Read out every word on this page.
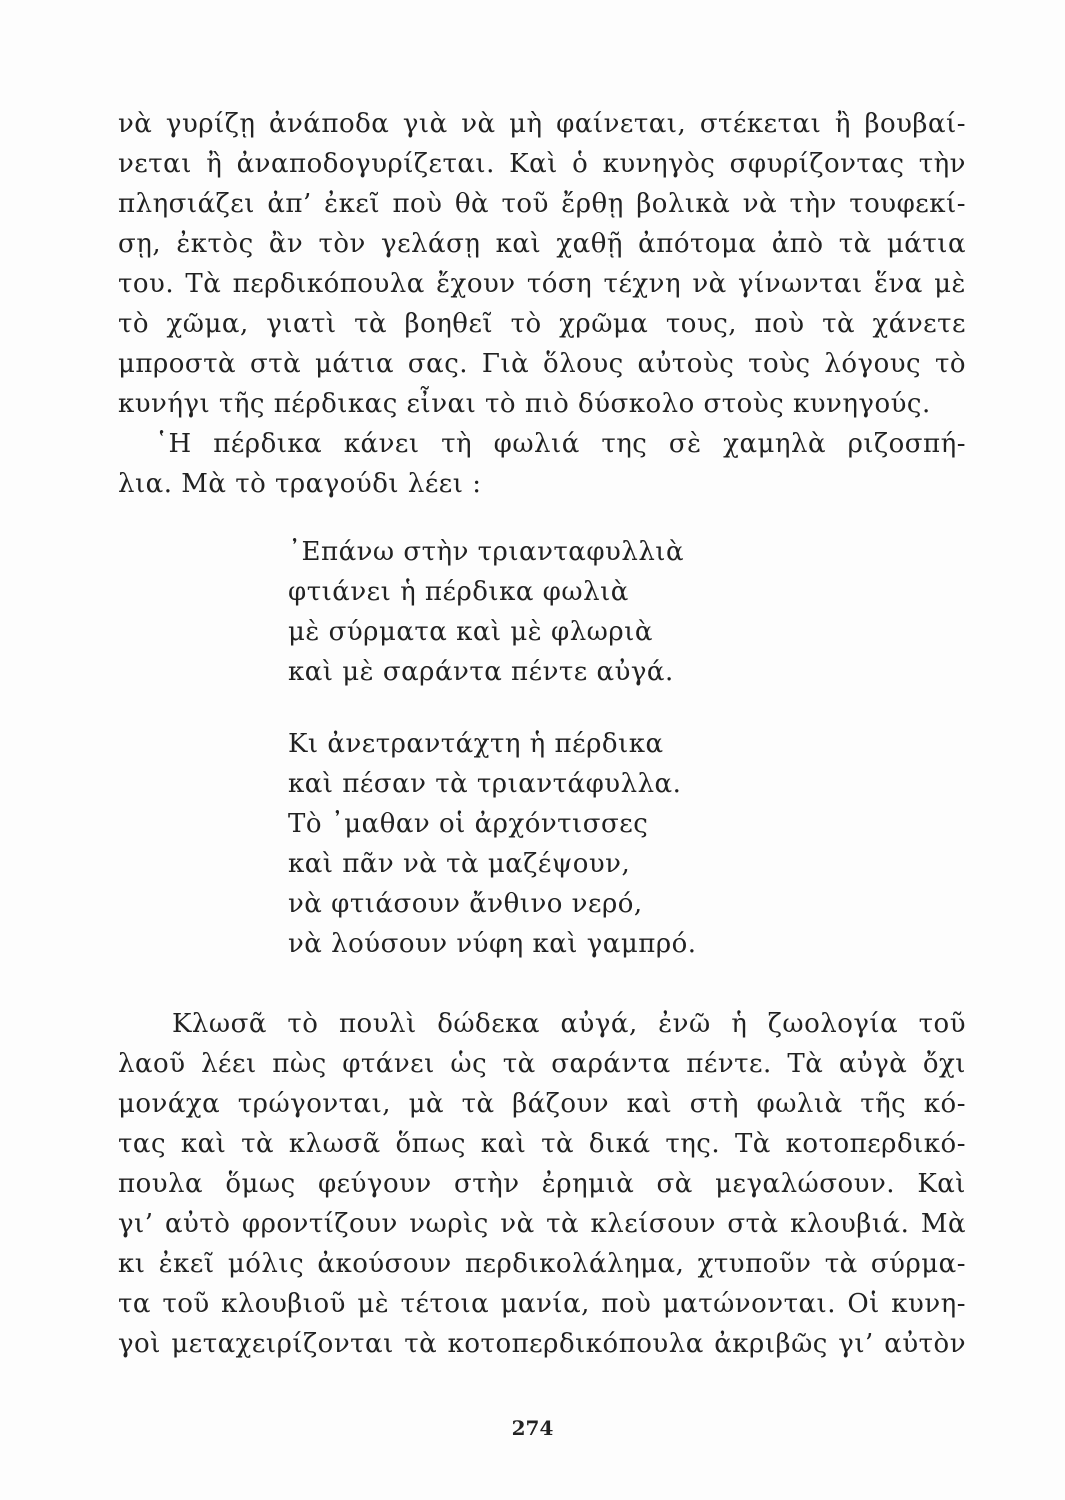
νὰ γυρίζῃ ἀνάποδα γιὰ νὰ μὴ φαίνεται, στέκεται ἢ βουβαί-
νεται ἢ ἀναποδογυρίζεται. Καὶ ὁ κυνηγὸς σφυρίζοντας τὴν
πλησιάζει ἀπ’ ἐκεῖ ποὺ θὰ τοῦ ἔρθῃ βολικὰ νὰ τὴν τουφεκί-
σῃ, ἐκτὸς ἂν τὸν γελάσῃ καὶ χαθῇ ἀπότομα ἀπὸ τὰ μάτια
του. Τὰ περδικόπουλα ἔχουν τόση τέχνη νὰ γίνωνται ἕνα μὲ
τὸ χῶμα, γιατὶ τὰ βοηθεῖ τὸ χρῶμα τους, ποὺ τὰ χάνετε
μπροστὰ στὰ μάτια σας. Γιὰ ὅλους αὐτοὺς τοὺς λόγους τὸ
κυνήγι τῆς πέρδικας εἶναι τὸ πιὸ δύσκολο στοὺς κυνηγούς.
῾Η πέρδικα κάνει τὴ φωλιά της σὲ χαμηλὰ ριζοσπή-
λια. Μὰ τὸ τραγούδι λέει :
᾿Επάνω στὴν τριανταφυλλιὰ
φτιάνει ἡ πέρδικα φωλιὰ
μὲ σύρματα καὶ μὲ φλωριὰ
καὶ μὲ σαράντα πέντε αὐγά.
Κι ἀνετραντάχτη ἡ πέρδικα
καὶ πέσαν τὰ τριαντάφυλλα.
Τὸ ᾿μαθαν οἱ ἀρχόντισσες
καὶ πᾶν νὰ τὰ μαζέψουν,
νὰ φτιάσουν ἄνθινο νερό,
νὰ λούσουν νύφη καὶ γαμπρό.
Κλωσᾶ τὸ πουλὶ δώδεκα αὐγά, ἐνῶ ἡ ζωολογία τοῦ
λαοῦ λέει πὼς φτάνει ὡς τὰ σαράντα πέντε. Τὰ αὐγὰ ὄχι
μονάχα τρώγονται, μὰ τὰ βάζουν καὶ στὴ φωλιὰ τῆς κό-
τας καὶ τὰ κλωσᾶ ὅπως καὶ τὰ δικά της. Τὰ κοτοπερδικό-
πουλα ὅμως φεύγουν στὴν ἐρημιὰ σὰ μεγαλώσουν. Καὶ
γι’ αὐτὸ φροντίζουν νωρὶς νὰ τὰ κλείσουν στὰ κλουβιά. Μὰ
κι ἐκεῖ μόλις ἀκούσουν περδικολάλημα, χτυποῦν τὰ σύρμα-
τα τοῦ κλουβιοῦ μὲ τέτοια μανία, ποὺ ματώνονται. Οἱ κυνη-
γοὶ μεταχειρίζονται τὰ κοτοπερδικόπουλα ἀκριβῶς γι’ αὐτὸν
274
